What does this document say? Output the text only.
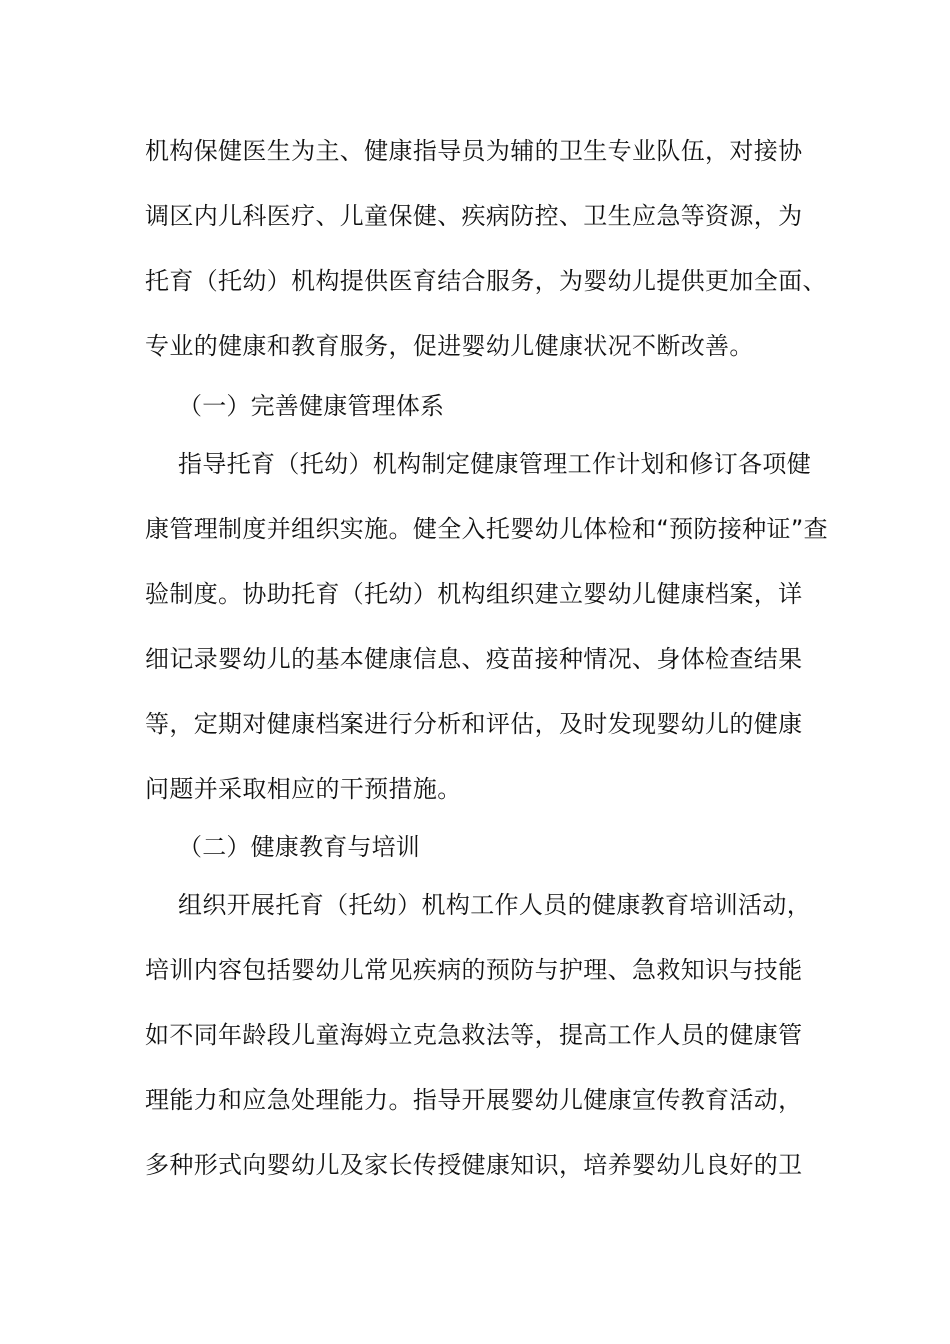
机构保健医生为主、健康指导员为辅的卫生专业队伍，对接协
调区内儿科医疗、儿童保健、疾病防控、卫生应急等资源，为
托育（托幼）机构提供医育结合服务，为婴幼儿提供更加全面、
专业的健康和教育服务，促进婴幼儿健康状况不断改善。
（一）完善健康管理体系
指导托育（托幼）机构制定健康管理工作计划和修订各项健
康管理制度并组织实施。健全入托婴幼儿体检和“预防接种证”查
验制度。协助托育（托幼）机构组织建立婴幼儿健康档案，详
细记录婴幼儿的基本健康信息、疫苗接种情况、身体检查结果
等，定期对健康档案进行分析和评估，及时发现婴幼儿的健康
问题并采取相应的干预措施。
（二）健康教育与培训
组织开展托育（托幼）机构工作人员的健康教育培训活动，
培训内容包括婴幼儿常见疾病的预防与护理、急救知识与技能
如不同年龄段儿童海姆立克急救法等，提高工作人员的健康管
理能力和应急处理能力。指导开展婴幼儿健康宣传教育活动，
多种形式向婴幼儿及家长传授健康知识，培养婴幼儿良好的卫
